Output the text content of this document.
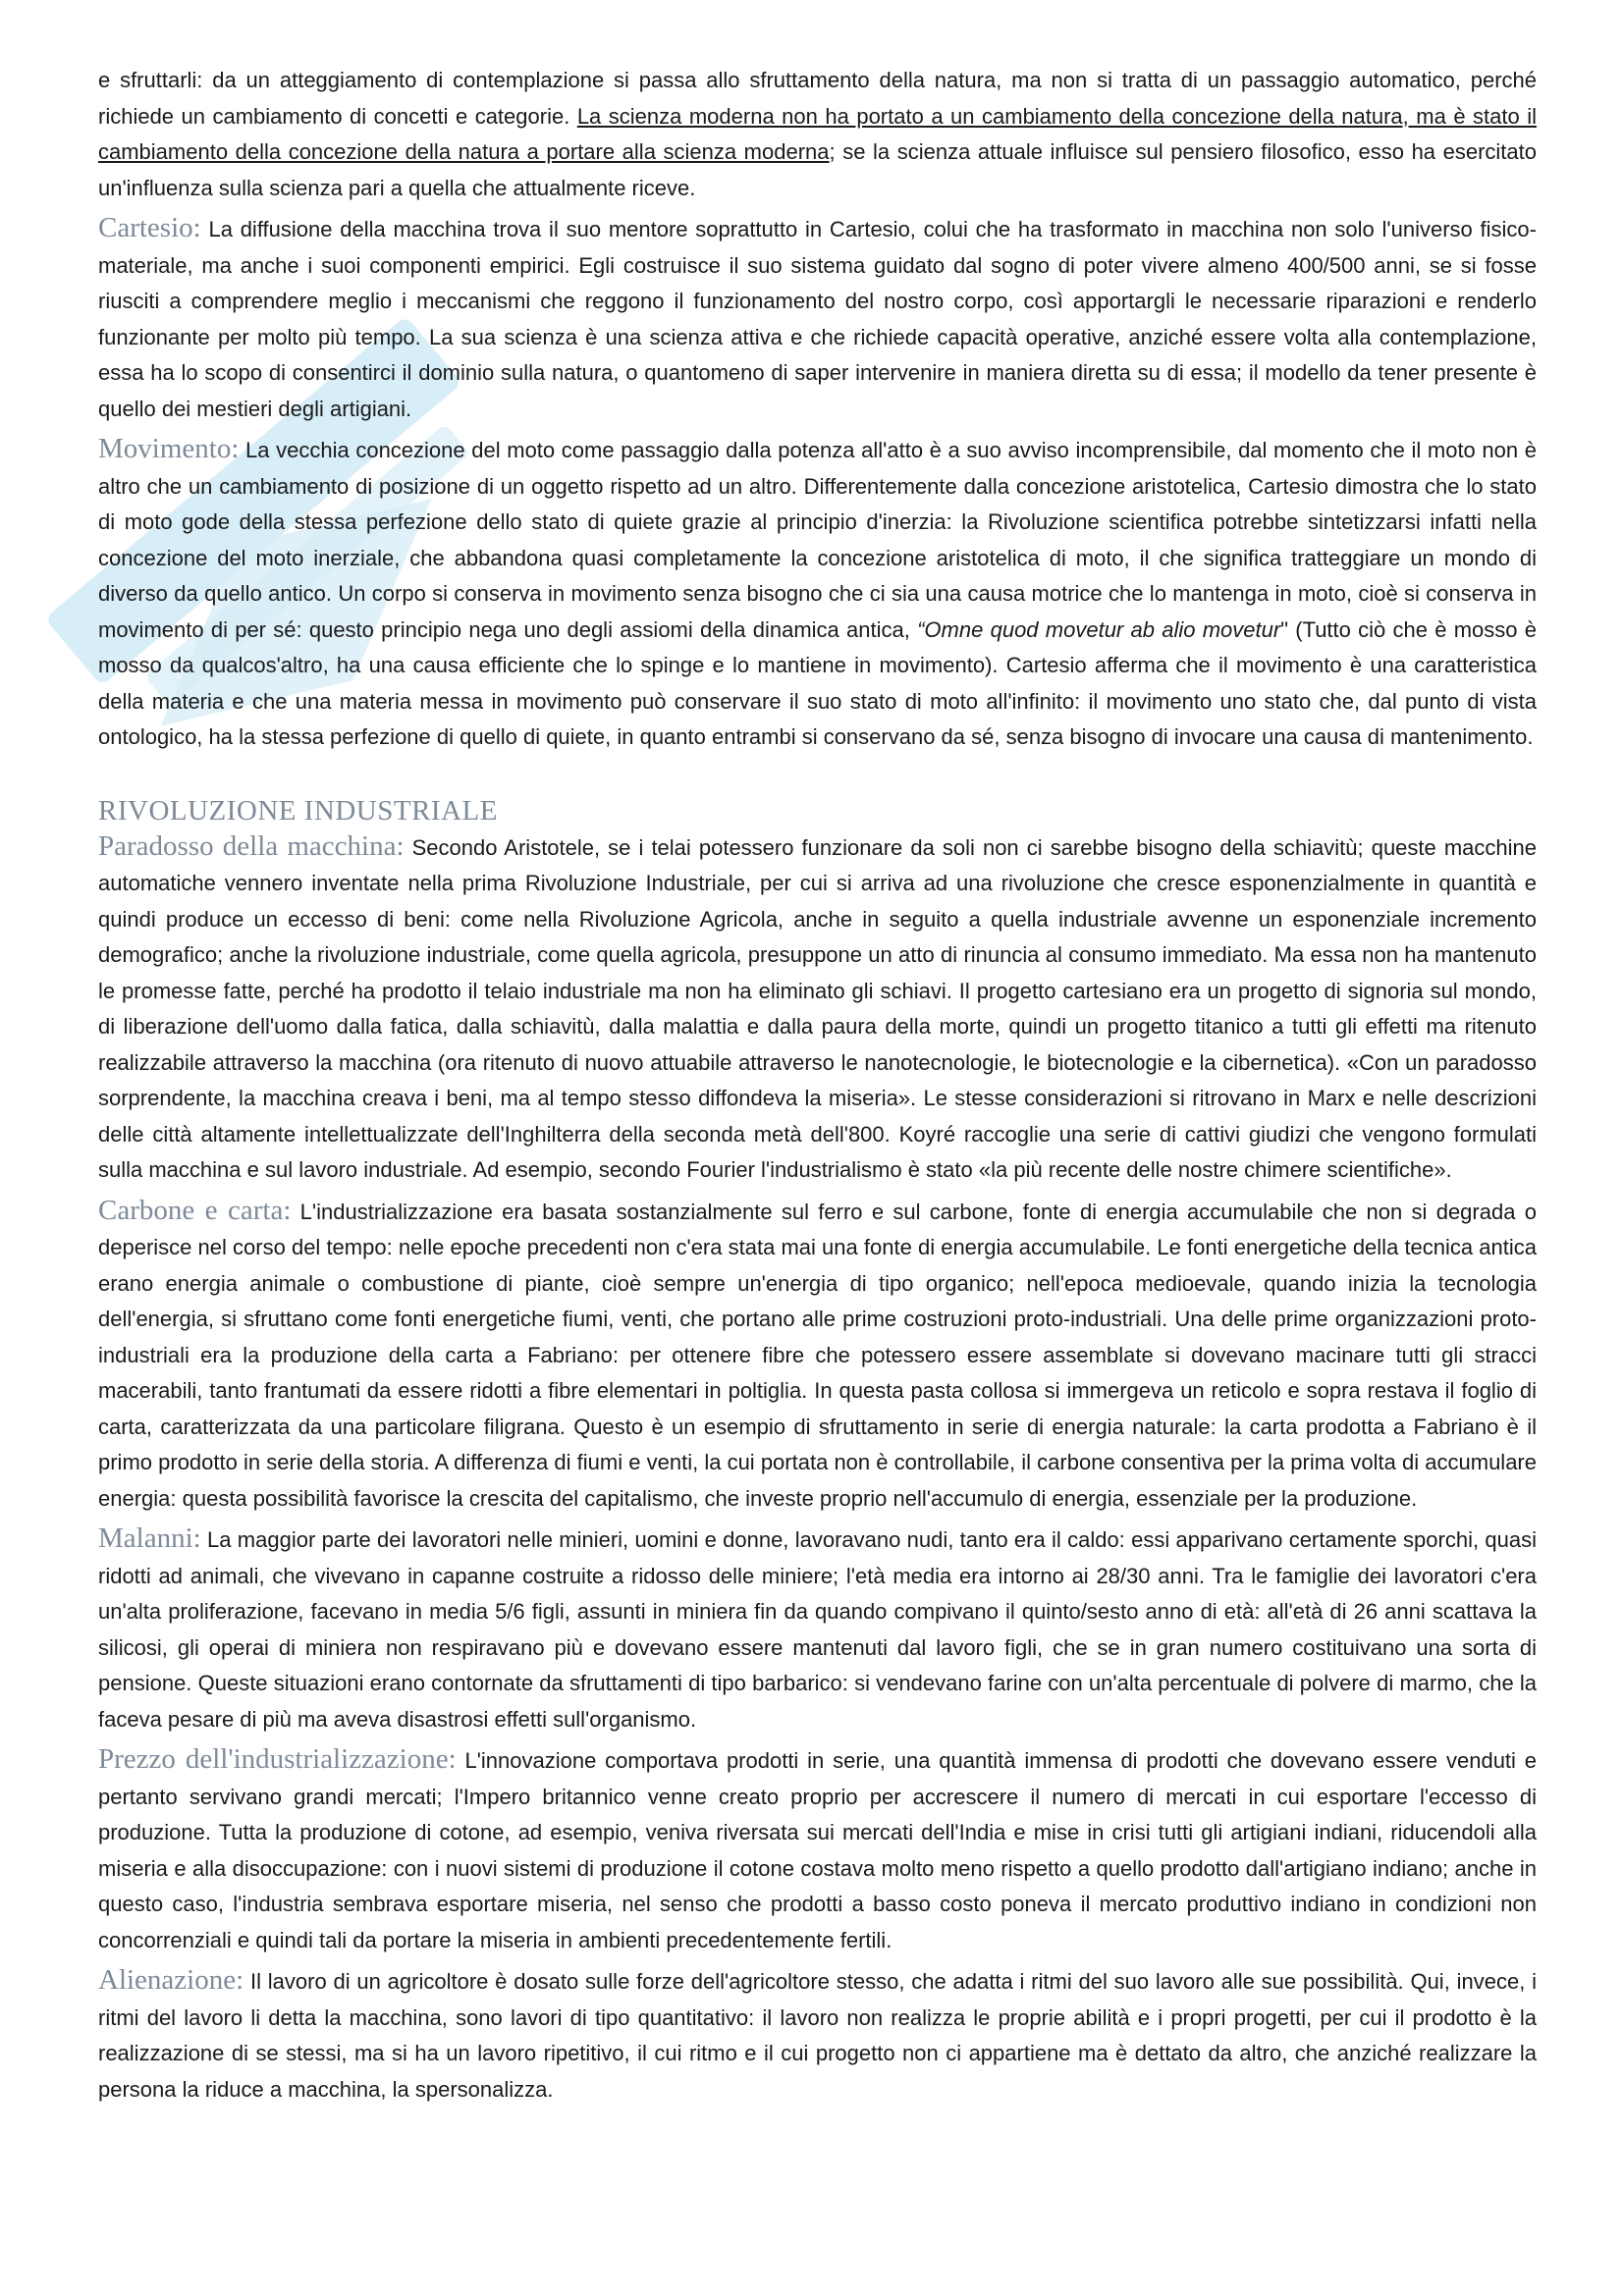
e sfruttarli: da un atteggiamento di contemplazione si passa allo sfruttamento della natura, ma non si tratta di un passaggio automatico, perché richiede un cambiamento di concetti e categorie. La scienza moderna non ha portato a un cambiamento della concezione della natura, ma è stato il cambiamento della concezione della natura a portare alla scienza moderna; se la scienza attuale influisce sul pensiero filosofico, esso ha esercitato un'influenza sulla scienza pari a quella che attualmente riceve.

Cartesio: La diffusione della macchina trova il suo mentore soprattutto in Cartesio, colui che ha trasformato in macchina non solo l'universo fisico-materiale, ma anche i suoi componenti empirici. Egli costruisce il suo sistema guidato dal sogno di poter vivere almeno 400/500 anni, se si fosse riusciti a comprendere meglio i meccanismi che reggono il funzionamento del nostro corpo, così apportargli le necessarie riparazioni e renderlo funzionante per molto più tempo. La sua scienza è una scienza attiva e che richiede capacità operative, anziché essere volta alla contemplazione, essa ha lo scopo di consentirci il dominio sulla natura, o quantomeno di saper intervenire in maniera diretta su di essa; il modello da tener presente è quello dei mestieri degli artigiani.

Movimento: La vecchia concezione del moto come passaggio dalla potenza all'atto è a suo avviso incomprensibile, dal momento che il moto non è altro che un cambiamento di posizione di un oggetto rispetto ad un altro. Differentemente dalla concezione aristotelica, Cartesio dimostra che lo stato di moto gode della stessa perfezione dello stato di quiete grazie al principio d'inerzia: la Rivoluzione scientifica potrebbe sintetizzarsi infatti nella concezione del moto inerziale, che abbandona quasi completamente la concezione aristotelica di moto, il che significa tratteggiare un mondo di diverso da quello antico. Un corpo si conserva in movimento senza bisogno che ci sia una causa motrice che lo mantenga in moto, cioè si conserva in movimento di per sé: questo principio nega uno degli assiomi della dinamica antica, “Omne quod movetur ab alio movetur" (Tutto ciò che è mosso è mosso da qualcos'altro, ha una causa efficiente che lo spinge e lo mantiene in movimento). Cartesio afferma che il movimento è una caratteristica della materia e che una materia messa in movimento può conservare il suo stato di moto all'infinito: il movimento uno stato che, dal punto di vista ontologico, ha la stessa perfezione di quello di quiete, in quanto entrambi si conservano da sé, senza bisogno di invocare una causa di mantenimento.

RIVOLUZIONE INDUSTRIALE

Paradosso della macchina: Secondo Aristotele, se i telai potessero funzionare da soli non ci sarebbe bisogno della schiavitù; queste macchine automatiche vennero inventate nella prima Rivoluzione Industriale, per cui si arriva ad una rivoluzione che cresce esponenzialmente in quantità e quindi produce un eccesso di beni: come nella Rivoluzione Agricola, anche in seguito a quella industriale avvenne un esponenziale incremento demografico; anche la rivoluzione industriale, come quella agricola, presuppone un atto di rinuncia al consumo immediato. Ma essa non ha mantenuto le promesse fatte, perché ha prodotto il telaio industriale ma non ha eliminato gli schiavi. Il progetto cartesiano era un progetto di signoria sul mondo, di liberazione dell'uomo dalla fatica, dalla schiavitù, dalla malattia e dalla paura della morte, quindi un progetto titanico a tutti gli effetti ma ritenuto realizzabile attraverso la macchina (ora ritenuto di nuovo attuabile attraverso le nanotecnologie, le biotecnologie e la cibernetica). «Con un paradosso sorprendente, la macchina creava i beni, ma al tempo stesso diffondeva la miseria». Le stesse considerazioni si ritrovano in Marx e nelle descrizioni delle città altamente intellettualizzate dell'Inghilterra della seconda metà dell'800. Koyré raccoglie una serie di cattivi giudizi che vengono formulati sulla macchina e sul lavoro industriale. Ad esempio, secondo Fourier l'industrialismo è stato «la più recente delle nostre chimere scientifiche».

Carbone e carta: L'industrializzazione era basata sostanzialmente sul ferro e sul carbone, fonte di energia accumulabile che non si degrada o deperisce nel corso del tempo: nelle epoche precedenti non c'era stata mai una fonte di energia accumulabile. Le fonti energetiche della tecnica antica erano energia animale o combustione di piante, cioè sempre un'energia di tipo organico; nell'epoca medioevale, quando inizia la tecnologia dell'energia, si sfruttano come fonti energetiche fiumi, venti, che portano alle prime costruzioni proto-industriali. Una delle prime organizzazioni proto-industriali era la produzione della carta a Fabriano: per ottenere fibre che potessero essere assemblate si dovevano macinare tutti gli stracci macerabili, tanto frantumati da essere ridotti a fibre elementari in poltiglia. In questa pasta collosa si immergeva un reticolo e sopra restava il foglio di carta, caratterizzata da una particolare filigrana. Questo è un esempio di sfruttamento in serie di energia naturale: la carta prodotta a Fabriano è il primo prodotto in serie della storia. A differenza di fiumi e venti, la cui portata non è controllabile, il carbone consentiva per la prima volta di accumulare energia: questa possibilità favorisce la crescita del capitalismo, che investe proprio nell'accumulo di energia, essenziale per la produzione.

Malanni: La maggior parte dei lavoratori nelle minieri, uomini e donne, lavoravano nudi, tanto era il caldo: essi apparivano certamente sporchi, quasi ridotti ad animali, che vivevano in capanne costruite a ridosso delle miniere; l'età media era intorno ai 28/30 anni. Tra le famiglie dei lavoratori c'era un'alta proliferazione, facevano in media 5/6 figli, assunti in miniera fin da quando compivano il quinto/sesto anno di età: all'età di 26 anni scattava la silicosi, gli operai di miniera non respiravano più e dovevano essere mantenuti dal lavoro figli, che se in gran numero costituivano una sorta di pensione. Queste situazioni erano contornate da sfruttamenti di tipo barbarico: si vendevano farine con un'alta percentuale di polvere di marmo, che la faceva pesare di più ma aveva disastrosi effetti sull'organismo.

Prezzo dell'industrializzazione: L'innovazione comportava prodotti in serie, una quantità immensa di prodotti che dovevano essere venduti e pertanto servivano grandi mercati; l'Impero britannico venne creato proprio per accrescere il numero di mercati in cui esportare l'eccesso di produzione. Tutta la produzione di cotone, ad esempio, veniva riversata sui mercati dell'India e mise in crisi tutti gli artigiani indiani, riducendoli alla miseria e alla disoccupazione: con i nuovi sistemi di produzione il cotone costava molto meno rispetto a quello prodotto dall'artigiano indiano; anche in questo caso, l'industria sembrava esportare miseria, nel senso che prodotti a basso costo poneva il mercato produttivo indiano in condizioni non concorrenziali e quindi tali da portare la miseria in ambienti precedentemente fertili.

Alienazione: Il lavoro di un agricoltore è dosato sulle forze dell'agricoltore stesso, che adatta i ritmi del suo lavoro alle sue possibilità. Qui, invece, i ritmi del lavoro li detta la macchina, sono lavori di tipo quantitativo: il lavoro non realizza le proprie abilità e i propri progetti, per cui il prodotto è la realizzazione di se stessi, ma si ha un lavoro ripetitivo, il cui ritmo e il cui progetto non ci appartiene ma è dettato da altro, che anziché realizzare la persona la riduce a macchina, la spersonalizza.
